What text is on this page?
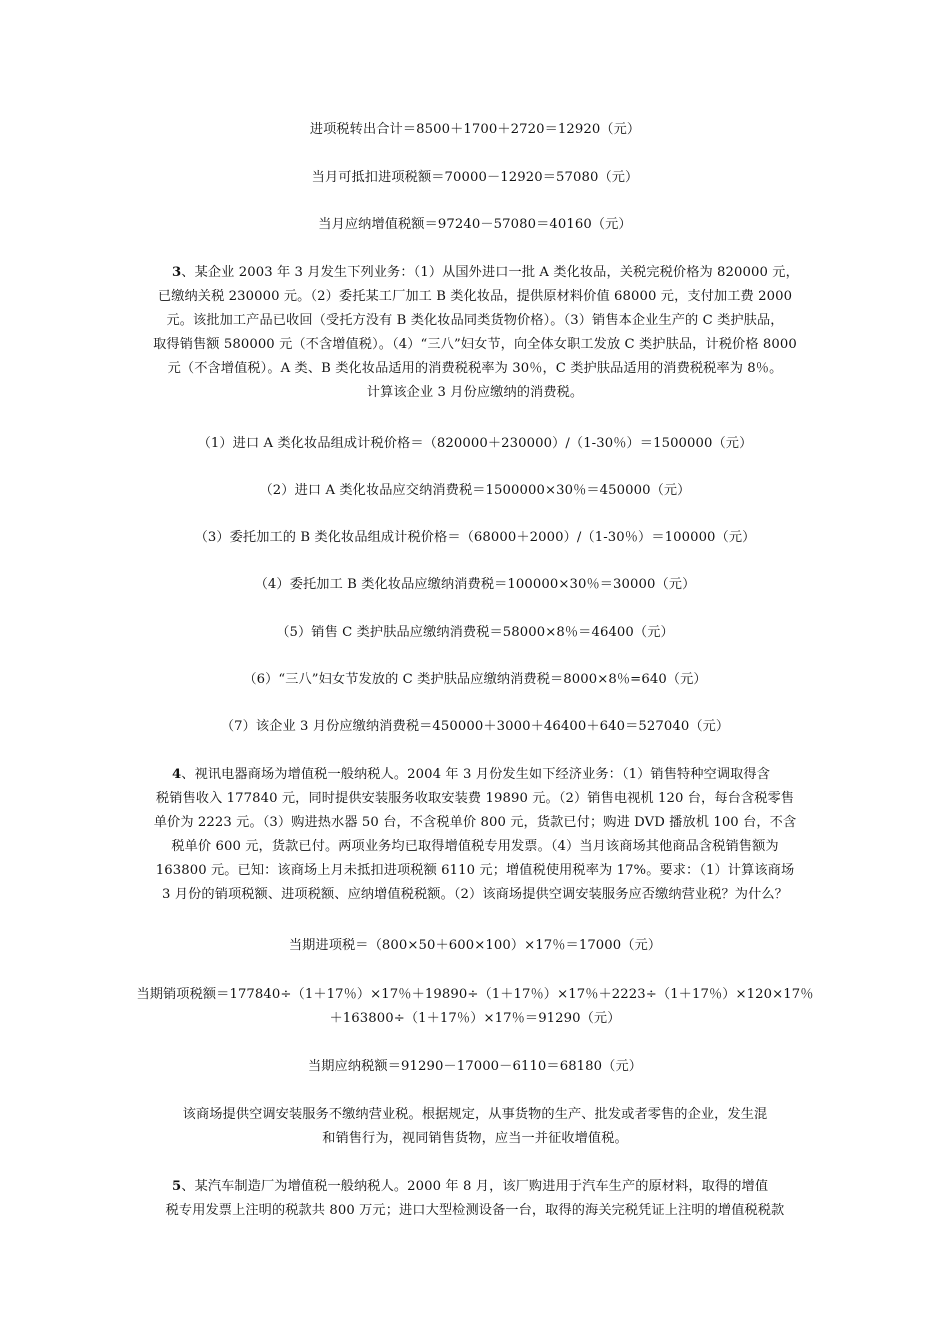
进项税转出合计＝8500＋1700＋2720＝12920（元）
当月可抵扣进项税额＝70000－12920＝57080（元）
当月应纳增值税额＝97240－57080＝40160（元）
3、某企业 2003 年 3 月发生下列业务：（1）从国外进口一批 A 类化妆品，关税完税价格为 820000 元，
已缴纳关税 230000 元。（2）委托某工厂加工 B 类化妆品，提供原材料价值 68000 元，支付加工费 2000
元。该批加工产品已收回（受托方没有 B 类化妆品同类货物价格）。（3）销售本企业生产的 C 类护肤品，
取得销售额 580000 元（不含增值税）。（4）“三八”妇女节，向全体女职工发放 C 类护肤品，计税价格 8000
元（不含增值税）。A 类、B 类化妆品适用的消费税税率为 30％，C 类护肤品适用的消费税税率为 8％。
计算该企业 3 月份应缴纳的消费税。
（1）进口 A 类化妆品组成计税价格＝（820000＋230000）/（1-30％）＝1500000（元）
（2）进口 A 类化妆品应交纳消费税＝1500000×30％＝450000（元）
（3）委托加工的 B 类化妆品组成计税价格＝（68000＋2000）/（1-30％）＝100000（元）
（4）委托加工 B 类化妆品应缴纳消费税＝100000×30％＝30000（元）
（5）销售 C 类护肤品应缴纳消费税＝58000×8％＝46400（元）
（6）“三八”妇女节发放的 C 类护肤品应缴纳消费税＝8000×8％=640（元）
（7）该企业 3 月份应缴纳消费税＝450000＋3000＋46400＋640＝527040（元）
4、视讯电器商场为增值税一般纳税人。2004 年 3 月份发生如下经济业务：（1）销售特种空调取得含
税销售收入 177840 元，同时提供安装服务收取安装费 19890 元。（2）销售电视机 120 台，每台含税零售
单价为 2223 元。（3）购进热水器 50 台，不含税单价 800 元，货款已付；购进 DVD 播放机 100 台，不含
税单价 600 元，货款已付。两项业务均已取得增值税专用发票。（4）当月该商场其他商品含税销售额为
163800 元。已知：该商场上月未抵扣进项税额 6110 元；增值税使用税率为 17%。要求：（1）计算该商场
3 月份的销项税额、进项税额、应纳增值税税额。（2）该商场提供空调安装服务应否缴纳营业税？为什么？
当期进项税＝（800×50＋600×100）×17％＝17000（元）
当期销项税额＝177840÷（1＋17％）×17％＋19890÷（1＋17％）×17％＋2223÷（1＋17％）×120×17％
＋163800÷（1＋17％）×17％＝91290（元）
当期应纳税额＝91290－17000－6110＝68180（元）
该商场提供空调安装服务不缴纳营业税。根据规定，从事货物的生产、批发或者零售的企业，发生混
和销售行为，视同销售货物，应当一并征收增值税。
5、某汽车制造厂为增值税一般纳税人。2000 年 8 月，该厂购进用于汽车生产的原材料，取得的增值
税专用发票上注明的税款共 800 万元；进口大型检测设备一台，取得的海关完税凭证上注明的增值税税款
